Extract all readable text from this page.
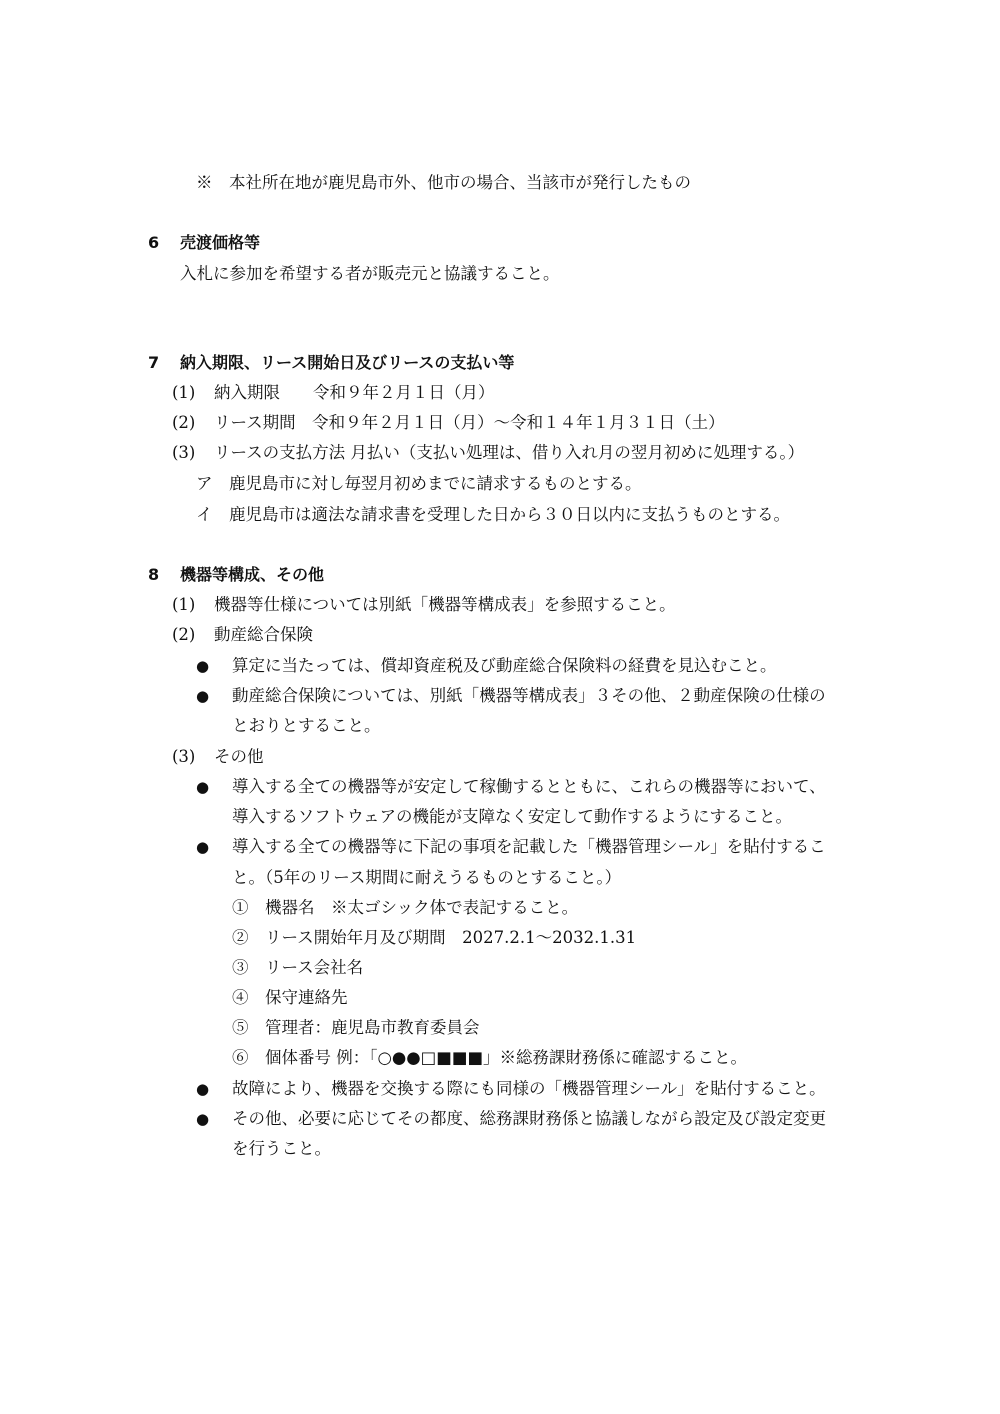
※　本社所在地が鹿児島市外、他市の場合、当該市が発行したもの
6 売渡価格等
入札に参加を希望する者が販売元と協議すること。
7 納入期限、リース開始日及びリースの支払い等
(1) 納入期限　　令和９年２月１日（月）
(2) リース期間　令和９年２月１日（月）～令和１４年１月３１日（土）
(3) リースの支払方法 月払い（支払い処理は、借り入れ月の翌月初めに処理する。）
ア　鹿児島市に対し毎翌月初めまでに請求するものとする。
イ　鹿児島市は適法な請求書を受理した日から３０日以内に支払うものとする。
8 機器等構成、その他
(1) 機器等仕様については別紙「機器等構成表」を参照すること。
(2) 動産総合保険
● 算定に当たっては、償却資産税及び動産総合保険料の経費を見込むこと。
● 動産総合保険については、別紙「機器等構成表」３その他、２動産保険の仕様の
とおりとすること。
(3) その他
● 導入する全ての機器等が安定して稼働するとともに、これらの機器等において、
導入するソフトウェアの機能が支障なく安定して動作するようにすること。
● 導入する全ての機器等に下記の事項を記載した「機器管理シール」を貼付するこ
と。（5年のリース期間に耐えうるものとすること。）
①　機器名　※太ゴシック体で表記すること。
②　リース開始年月及び期間　2027.2.1～2032.1.31
③　リース会社名
④　保守連絡先
⑤　管理者：鹿児島市教育委員会
⑥　個体番号 例：「○●●□■■■」※総務課財務係に確認すること。
● 故障により、機器を交換する際にも同様の「機器管理シール」を貼付すること。
● その他、必要に応じてその都度、総務課財務係と協議しながら設定及び設定変更
を行うこと。
